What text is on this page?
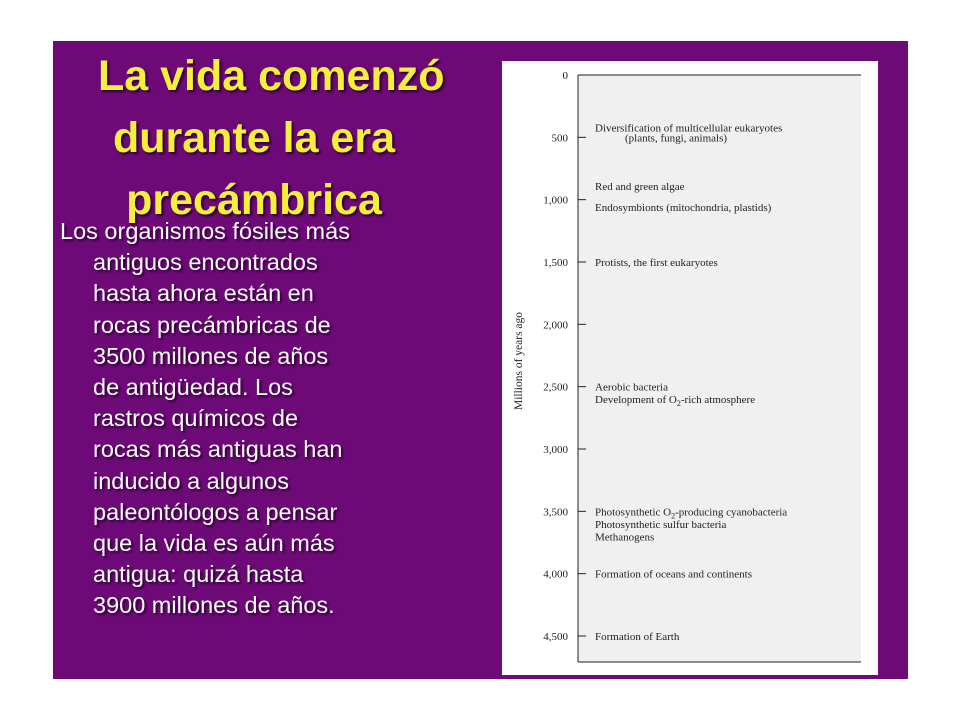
La vida comenzó
durante la era
precámbrica
Los organismos fósiles más
antiguos encontrados
hasta ahora están en
rocas precámbricas de
3500 millones de años
de antigüedad. Los
rastros químicos de
rocas más antiguas han
inducido a algunos
paleontólogos a pensar
que la vida es aún más
antigua: quizá hasta
3900 millones de años.
Millions of years ago
0
500
1,000
1,500
2,000
2,500
3,000
3,500
4,000
4,500
Diversification of multicellular eukaryotes
(plants, fungi, animals)
Red and green algae
Endosymbionts (mitochondria, plastids)
Protists, the first eukaryotes
Aerobic bacteria
Development of $O_2$-rich atmosphere
Photosynthetic $O_2$-producing cyanobacteria
Photosynthetic sulfur bacteria
Methanogens
Formation of oceans and continents
Formation of Earth
